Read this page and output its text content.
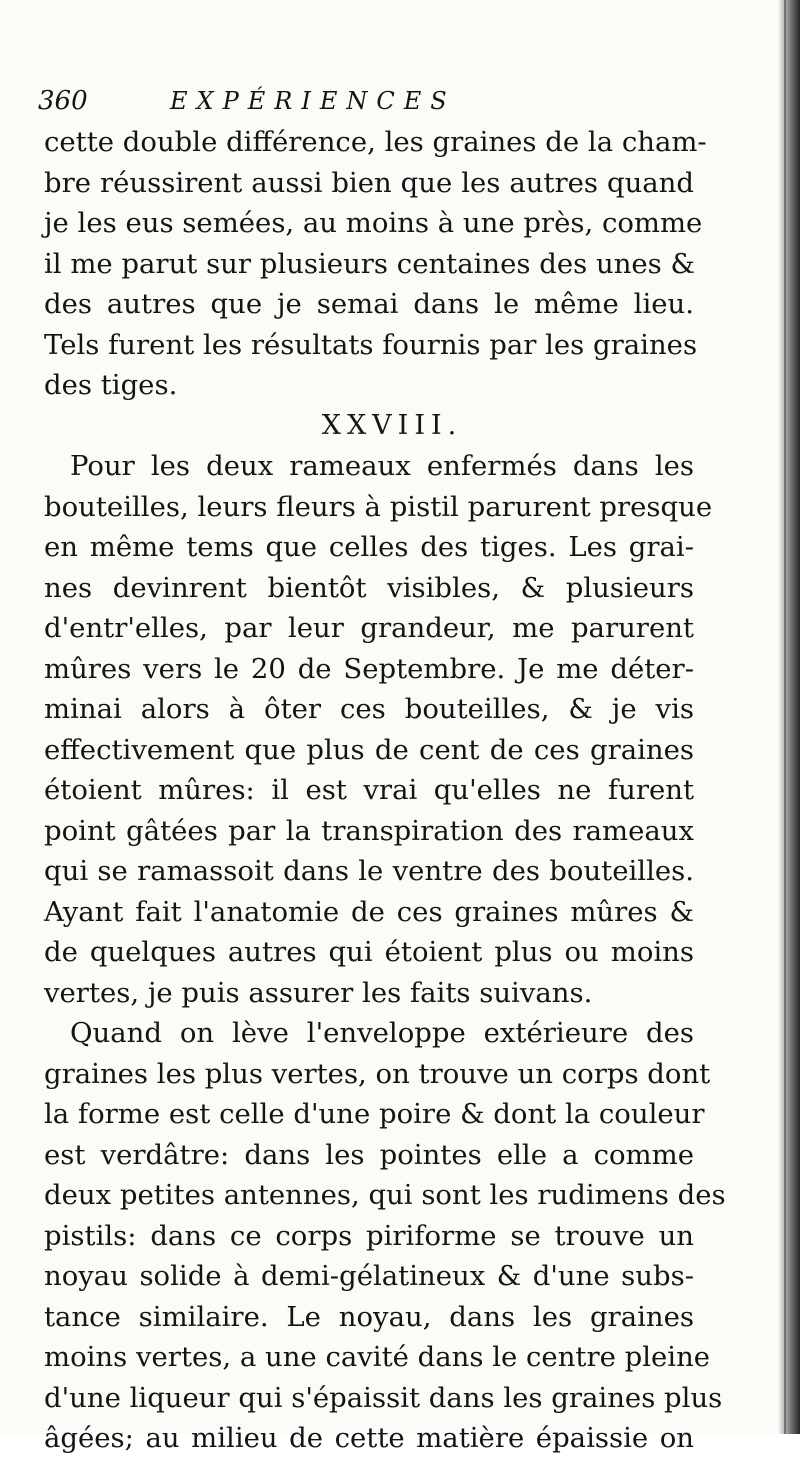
360	EXPÉRIENCES
cette double différence, les graines de la cham-
bre réussirent aussi bien que les autres quand
je les eus semées, au moins à une près, comme
il me parut sur plusieurs centaines des unes &
des autres que je semai dans le même lieu.
Tels furent les résultats fournis par les graines
des tiges.
XXVIII.
Pour les deux rameaux enfermés dans les
bouteilles, leurs fleurs à pistil parurent presque
en même tems que celles des tiges. Les grai-
nes devinrent bientôt visibles, & plusieurs
d'entr'elles, par leur grandeur, me parurent
mûres vers le 20 de Septembre. Je me déter-
minai alors à ôter ces bouteilles, & je vis
effectivement que plus de cent de ces graines
étoient mûres: il est vrai qu'elles ne furent
point gâtées par la transpiration des rameaux
qui se ramassoit dans le ventre des bouteilles.
Ayant fait l'anatomie de ces graines mûres &
de quelques autres qui étoient plus ou moins
vertes, je puis assurer les faits suivans.
Quand on lève l'enveloppe extérieure des
graines les plus vertes, on trouve un corps dont
la forme est celle d'une poire & dont la couleur
est verdâtre: dans les pointes elle a comme
deux petites antennes, qui sont les rudimens des
pistils: dans ce corps piriforme se trouve un
noyau solide à demi-gélatineux & d'une subs-
tance similaire. Le noyau, dans les graines
moins vertes, a une cavité dans le centre pleine
d'une liqueur qui s'épaissit dans les graines plus
âgées; au milieu de cette matière épaissie on
